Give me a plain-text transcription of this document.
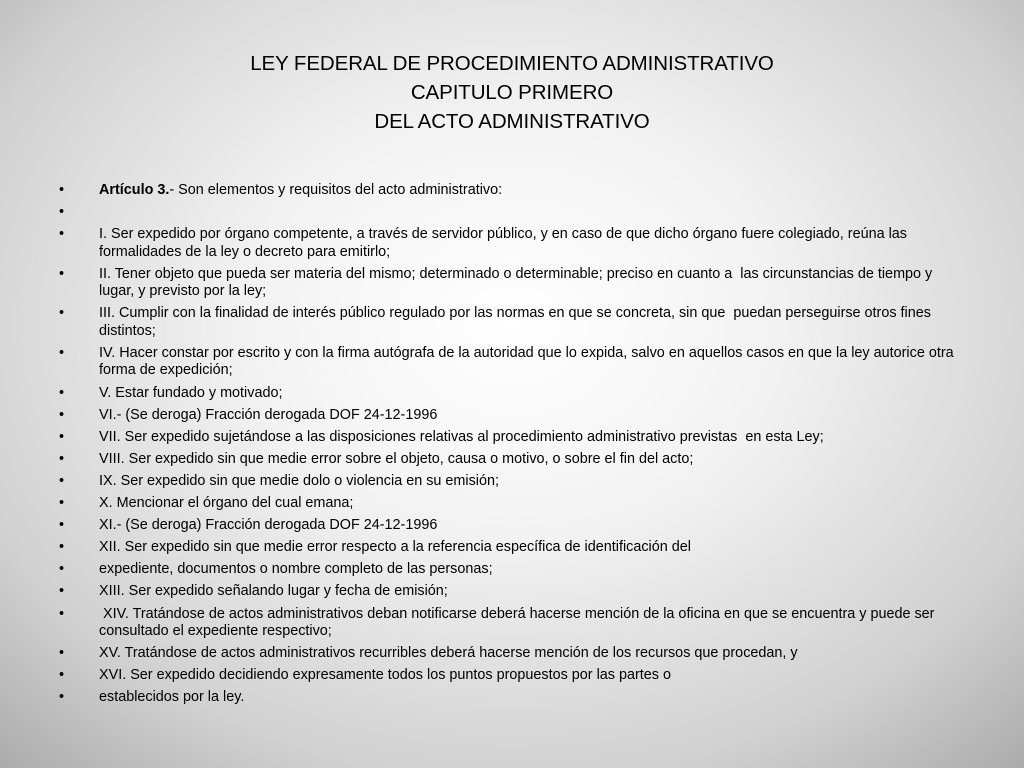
LEY FEDERAL DE PROCEDIMIENTO ADMINISTRATIVO
CAPITULO PRIMERO
DEL ACTO ADMINISTRATIVO
•	Artículo 3.- Son elementos y requisitos del acto administrativo:
•
•	I. Ser expedido por órgano competente, a través de servidor público, y en caso de que dicho órgano fuere colegiado, reúna las formalidades de la ley o decreto para emitirlo;
•	II. Tener objeto que pueda ser materia del mismo; determinado o determinable; preciso en cuanto a  las circunstancias de tiempo y lugar, y previsto por la ley;
•	III. Cumplir con la finalidad de interés público regulado por las normas en que se concreta, sin que  puedan perseguirse otros fines distintos;
•	IV. Hacer constar por escrito y con la firma autógrafa de la autoridad que lo expida, salvo en aquellos casos en que la ley autorice otra forma de expedición;
•	V. Estar fundado y motivado;
•	VI.- (Se deroga) Fracción derogada DOF 24-12-1996
•	VII. Ser expedido sujetándose a las disposiciones relativas al procedimiento administrativo previstas  en esta Ley;
•	VIII. Ser expedido sin que medie error sobre el objeto, causa o motivo, o sobre el fin del acto;
•	IX. Ser expedido sin que medie dolo o violencia en su emisión;
•	X. Mencionar el órgano del cual emana;
•	XI.- (Se deroga) Fracción derogada DOF 24-12-1996
•	XII. Ser expedido sin que medie error respecto a la referencia específica de identificación del
•	expediente, documentos o nombre completo de las personas;
•	XIII. Ser expedido señalando lugar y fecha de emisión;
•	XIV. Tratándose de actos administrativos deban notificarse deberá hacerse mención de la oficina en que se encuentra y puede ser consultado el expediente respectivo;
•	XV. Tratándose de actos administrativos recurribles deberá hacerse mención de los recursos que procedan, y
•	XVI. Ser expedido decidiendo expresamente todos los puntos propuestos por las partes o
•	establecidos por la ley.
